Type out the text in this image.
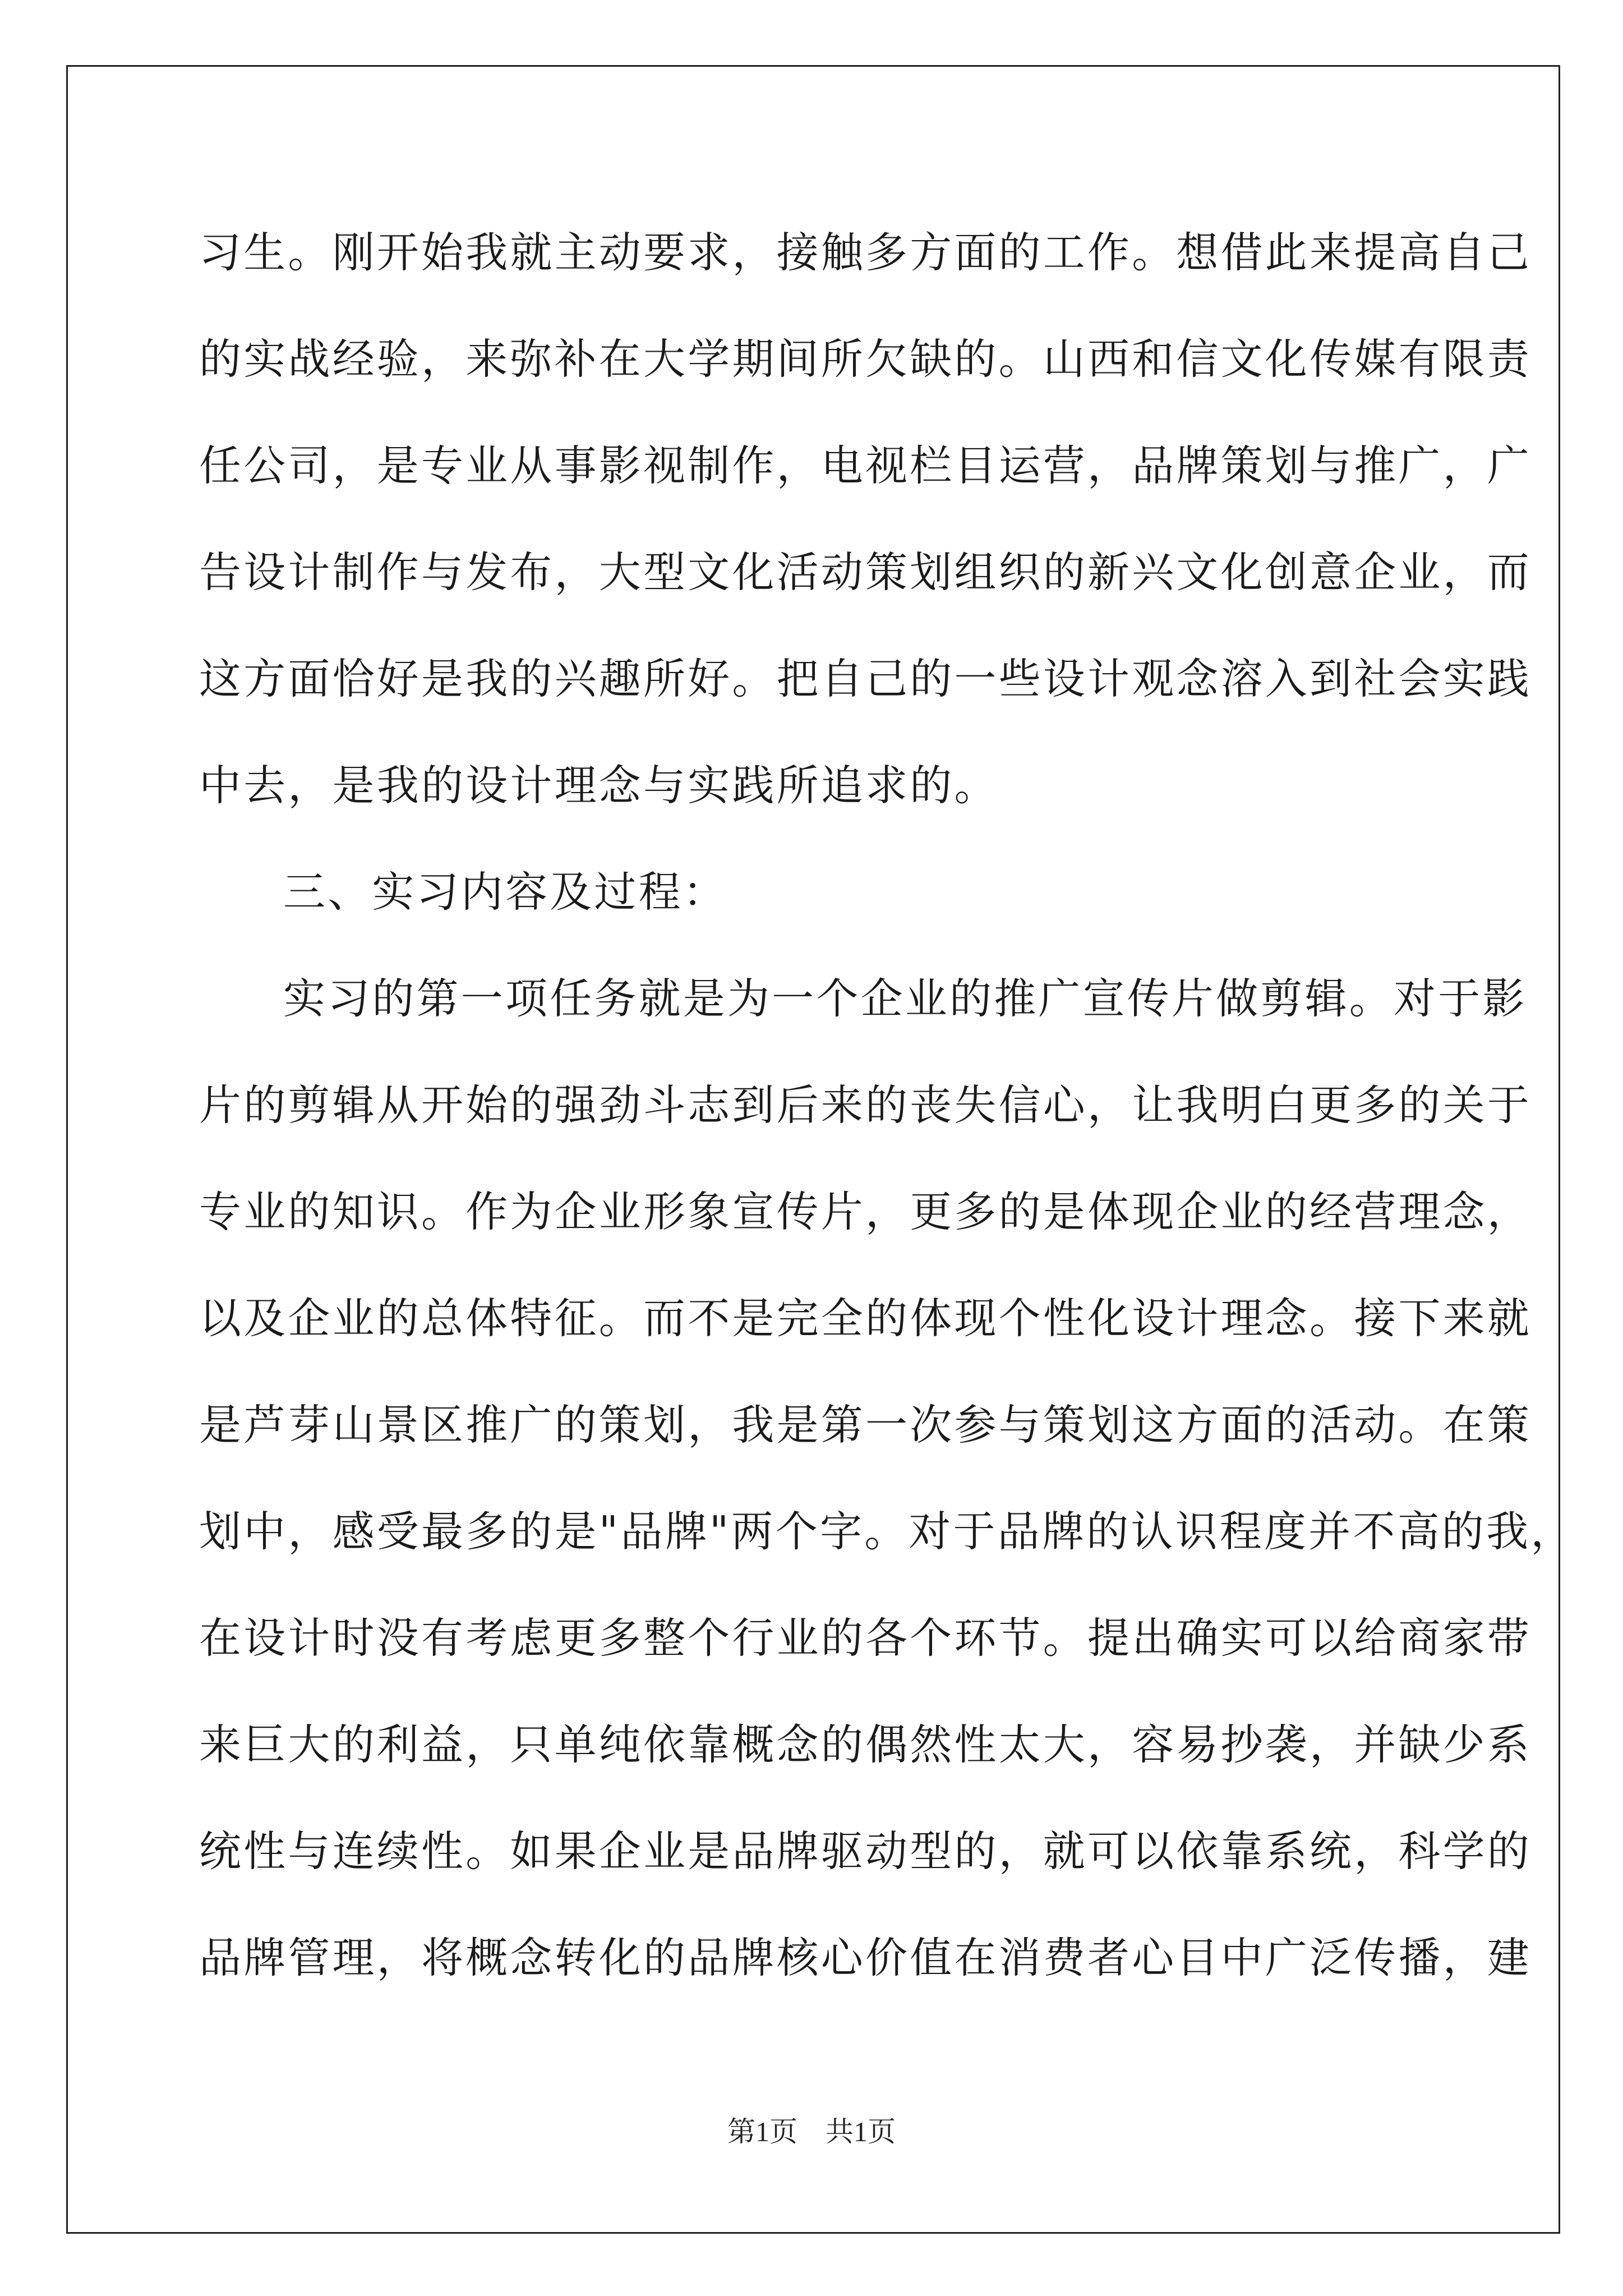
习生。刚开始我就主动要求，接触多方面的工作。想借此来提高自己
的实战经验，来弥补在大学期间所欠缺的。山西和信文化传媒有限责
任公司，是专业从事影视制作，电视栏目运营，品牌策划与推广，广
告设计制作与发布，大型文化活动策划组织的新兴文化创意企业，而
这方面恰好是我的兴趣所好。把自己的一些设计观念溶入到社会实践
中去，是我的设计理念与实践所追求的。
三、实习内容及过程：
实习的第一项任务就是为一个企业的推广宣传片做剪辑。对于影
片的剪辑从开始的强劲斗志到后来的丧失信心，让我明白更多的关于
专业的知识。作为企业形象宣传片，更多的是体现企业的经营理念，
以及企业的总体特征。而不是完全的体现个性化设计理念。接下来就
是芦芽山景区推广的策划，我是第一次参与策划这方面的活动。在策
划中，感受最多的是"品牌"两个字。对于品牌的认识程度并不高的我，
在设计时没有考虑更多整个行业的各个环节。提出确实可以给商家带
来巨大的利益，只单纯依靠概念的偶然性太大，容易抄袭，并缺少系
统性与连续性。如果企业是品牌驱动型的，就可以依靠系统，科学的
品牌管理，将概念转化的品牌核心价值在消费者心目中广泛传播，建
第1页　共1页
